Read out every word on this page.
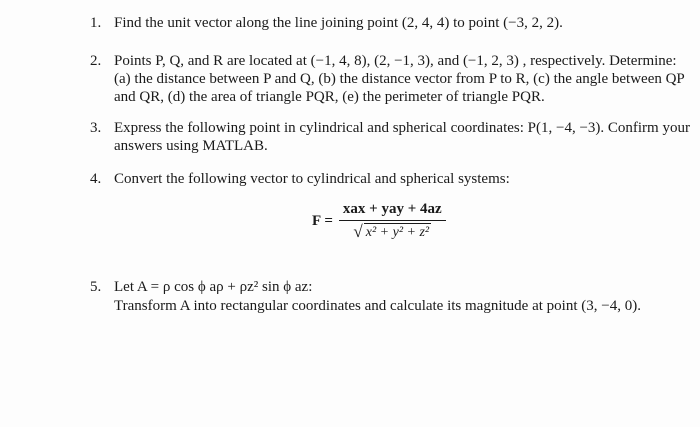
1. Find the unit vector along the line joining point (2, 4, 4) to point (−3, 2, 2).
2. Points P, Q, and R are located at (−1, 4, 8), (2, −1, 3), and (−1, 2, 3) , respectively. Determine:
(a) the distance between P and Q, (b) the distance vector from P to R, (c) the angle between QP
and QR, (d) the area of triangle PQR, (e) the perimeter of triangle PQR.
3. Express the following point in cylindrical and spherical coordinates: P(1, −4, −3). Confirm your
answers using MATLAB.
4. Convert the following vector to cylindrical and spherical systems:
$F = \frac{\text{xax + yay + 4az}}{\text{√ x² + y² + z²}}$
5. Let A = ρ cos ϕ aρ + ρz² sin ϕ az:
Transform A into rectangular coordinates and calculate its magnitude at point (3, −4, 0).
